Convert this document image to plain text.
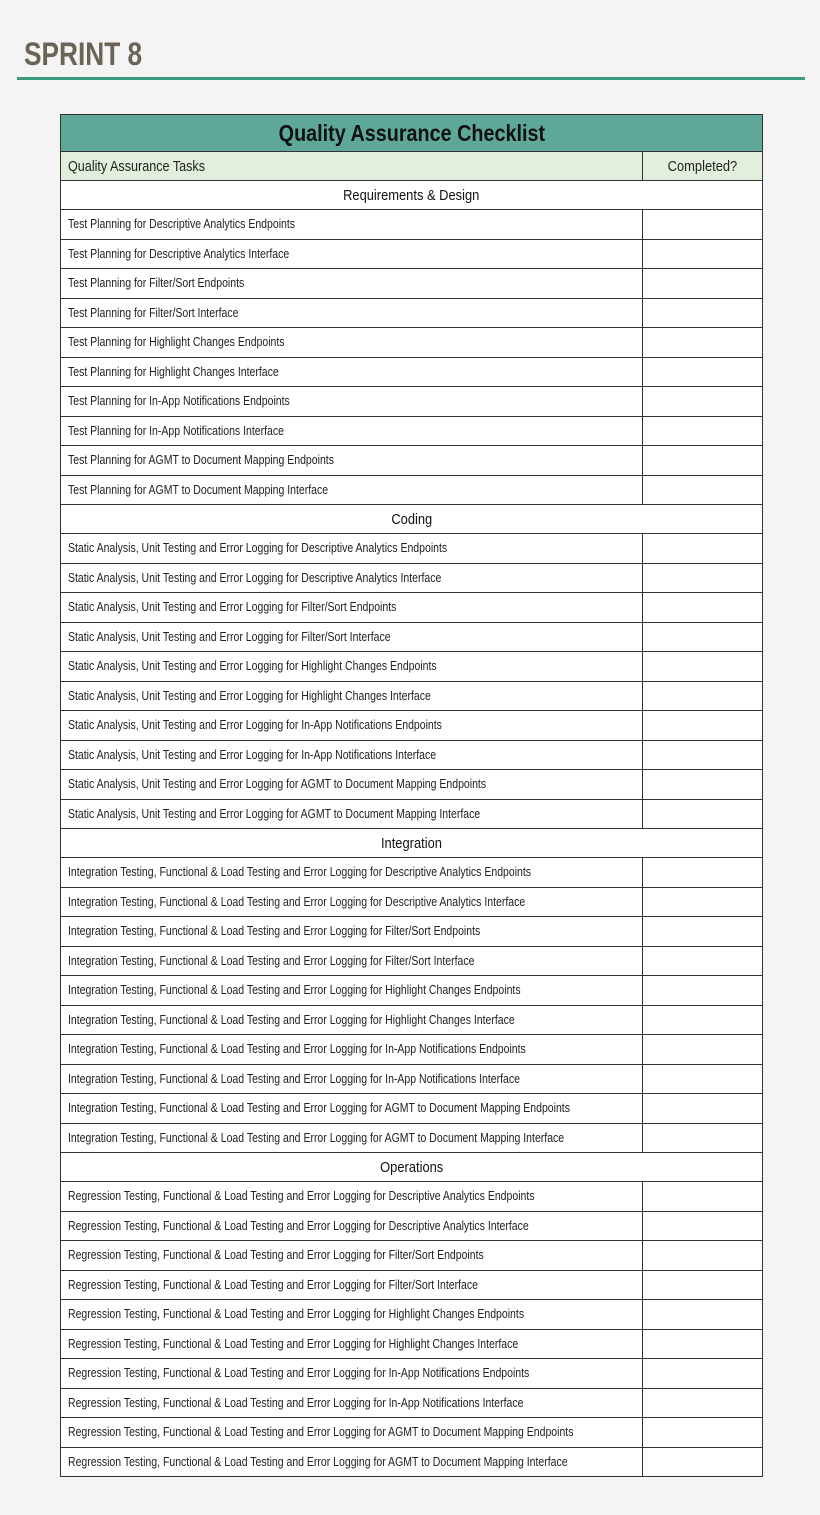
SPRINT 8
Quality Assurance Checklist	
Quality Assurance Tasks	Completed?
Requirements & Design	
Test Planning for Descriptive Analytics Endpoints	
Test Planning for Descriptive Analytics Interface	
Test Planning for Filter/Sort Endpoints	
Test Planning for Filter/Sort Interface	
Test Planning for Highlight Changes Endpoints	
Test Planning for Highlight Changes Interface	
Test Planning for In-App Notifications Endpoints	
Test Planning for In-App Notifications Interface	
Test Planning for AGMT to Document Mapping Endpoints	
Test Planning for AGMT to Document Mapping Interface	
Coding	
Static Analysis, Unit Testing and Error Logging for Descriptive Analytics Endpoints	
Static Analysis, Unit Testing and Error Logging for Descriptive Analytics Interface	
Static Analysis, Unit Testing and Error Logging for Filter/Sort Endpoints	
Static Analysis, Unit Testing and Error Logging for Filter/Sort Interface	
Static Analysis, Unit Testing and Error Logging for Highlight Changes Endpoints	
Static Analysis, Unit Testing and Error Logging for Highlight Changes Interface	
Static Analysis, Unit Testing and Error Logging for In-App Notifications Endpoints	
Static Analysis, Unit Testing and Error Logging for In-App Notifications Interface	
Static Analysis, Unit Testing and Error Logging for AGMT to Document Mapping Endpoints	
Static Analysis, Unit Testing and Error Logging for AGMT to Document Mapping Interface	
Integration	
Integration Testing, Functional & Load Testing and Error Logging for Descriptive Analytics Endpoints	
Integration Testing, Functional & Load Testing and Error Logging for Descriptive Analytics Interface	
Integration Testing, Functional & Load Testing and Error Logging for Filter/Sort Endpoints	
Integration Testing, Functional & Load Testing and Error Logging for Filter/Sort Interface	
Integration Testing, Functional & Load Testing and Error Logging for Highlight Changes Endpoints	
Integration Testing, Functional & Load Testing and Error Logging for Highlight Changes Interface	
Integration Testing, Functional & Load Testing and Error Logging for In-App Notifications Endpoints	
Integration Testing, Functional & Load Testing and Error Logging for In-App Notifications Interface	
Integration Testing, Functional & Load Testing and Error Logging for AGMT to Document Mapping Endpoints	
Integration Testing, Functional & Load Testing and Error Logging for AGMT to Document Mapping Interface	
Operations	
Regression Testing, Functional & Load Testing and Error Logging for Descriptive Analytics Endpoints	
Regression Testing, Functional & Load Testing and Error Logging for Descriptive Analytics Interface	
Regression Testing, Functional & Load Testing and Error Logging for Filter/Sort Endpoints	
Regression Testing, Functional & Load Testing and Error Logging for Filter/Sort Interface	
Regression Testing, Functional & Load Testing and Error Logging for Highlight Changes Endpoints	
Regression Testing, Functional & Load Testing and Error Logging for Highlight Changes Interface	
Regression Testing, Functional & Load Testing and Error Logging for In-App Notifications Endpoints	
Regression Testing, Functional & Load Testing and Error Logging for In-App Notifications Interface	
Regression Testing, Functional & Load Testing and Error Logging for AGMT to Document Mapping Endpoints	
Regression Testing, Functional & Load Testing and Error Logging for AGMT to Document Mapping Interface	
